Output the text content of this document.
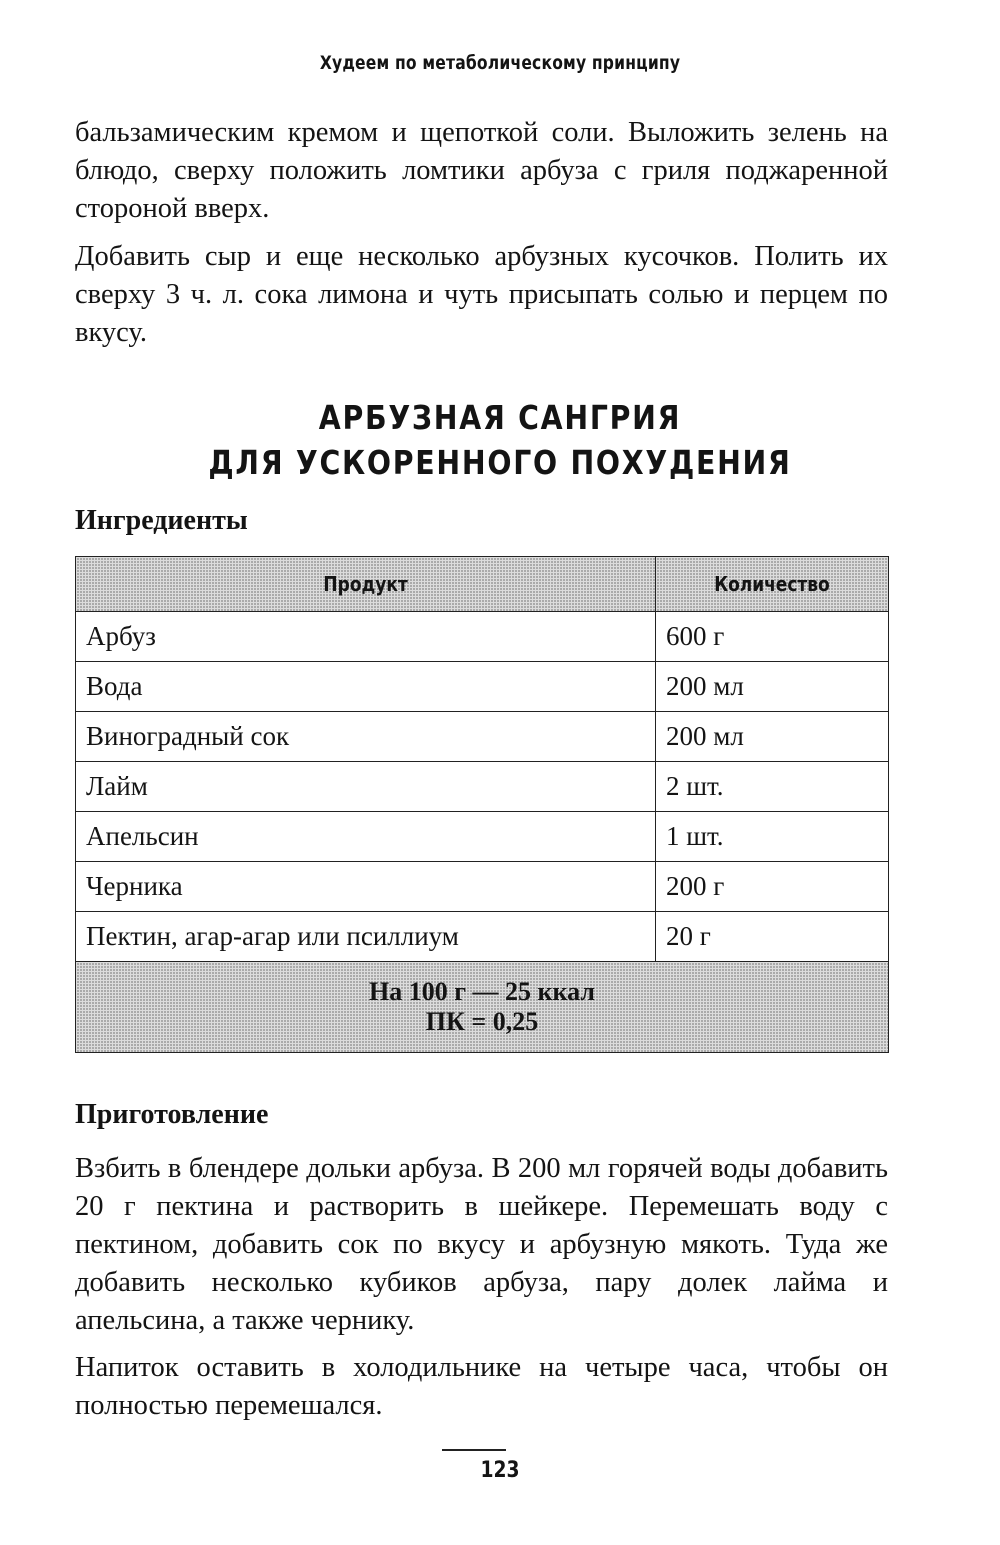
Худеем по метаболическому принципу

бальзамическим кремом и щепоткой соли. Выложить зелень на блюдо, сверху положить ломтики арбуза с гриля поджаренной стороной вверх.

Добавить сыр и еще несколько арбузных кусочков. Полить их сверху 3 ч. л. сока лимона и чуть присыпать солью и перцем по вкусу.

АРБУЗНАЯ САНГРИЯ
ДЛЯ УСКОРЕННОГО ПОХУДЕНИЯ
Ингредиенты
Продукт	Количество
Арбуз	600 г
Вода	200 мл
Виноградный сок	200 мл
Лайм	2 шт.
Апельсин	1 шт.
Черника	200 г
Пектин, агар-агар или псиллиум	20 г

На 100 г — 25 ккал
ПК = 0,25	
Приготовление

Взбить в блендере дольки арбуза. В 200 мл горячей воды добавить 20 г пектина и растворить в шейкере. Перемешать воду с пектином, добавить сок по вкусу и арбузную мякоть. Туда же добавить несколько кубиков арбуза, пару долек лайма и апельсина, а также чернику.

Напиток оставить в холодильнике на четыре часа, чтобы он полностью перемешался.

123
